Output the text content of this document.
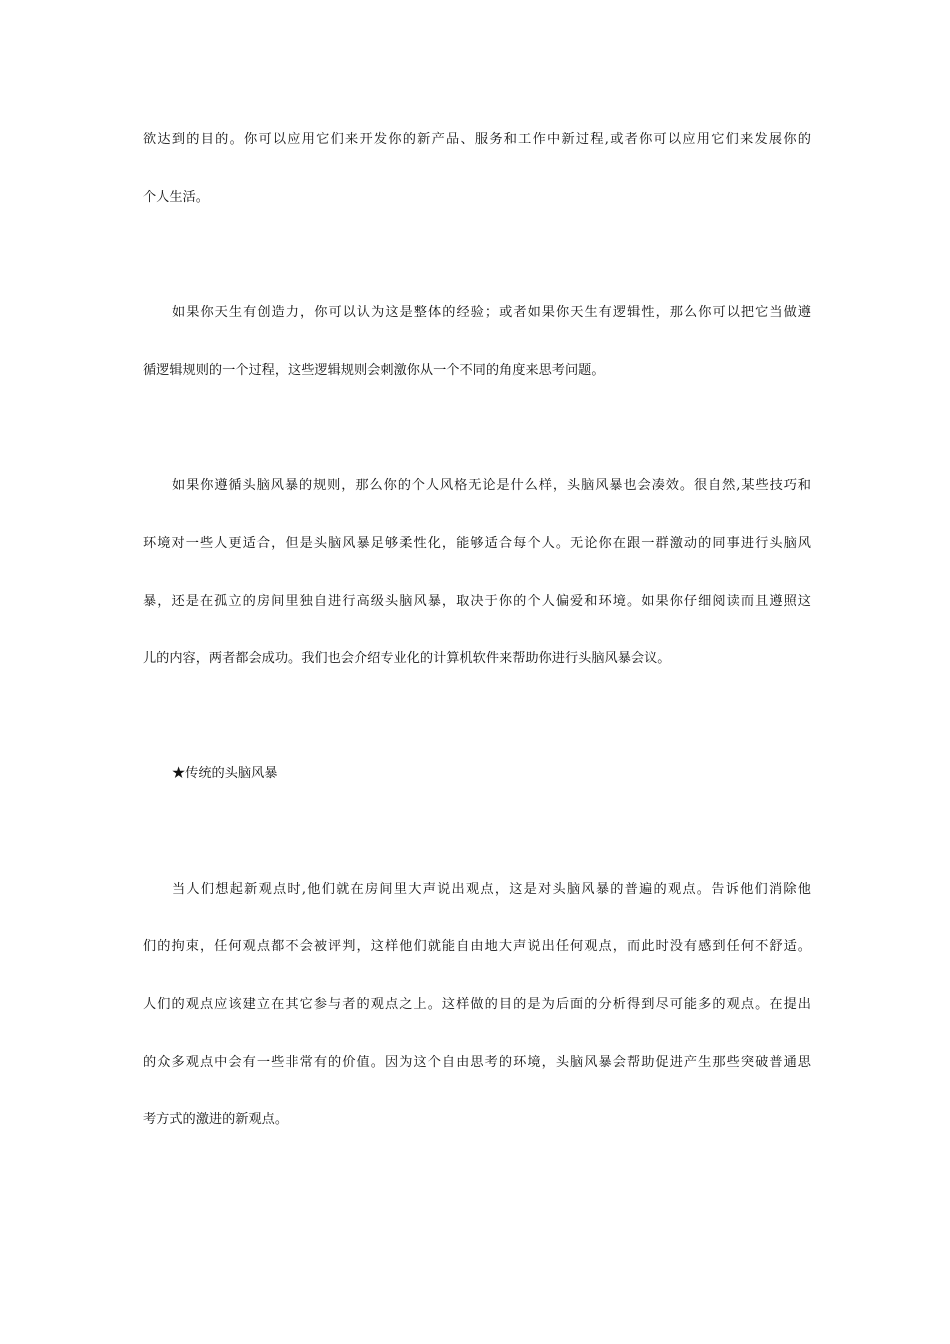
欲达到的目的。你可以应用它们来开发你的新产品、服务和工作中新过程,或者你可以应用它们来发展你的
个人生活。
如果你天生有创造力，你可以认为这是整体的经验；或者如果你天生有逻辑性，那么你可以把它当做遵
循逻辑规则的一个过程，这些逻辑规则会刺激你从一个不同的角度来思考问题。
如果你遵循头脑风暴的规则，那么你的个人风格无论是什么样，头脑风暴也会凑效。很自然,某些技巧和
环境对一些人更适合，但是头脑风暴足够柔性化，能够适合每个人。无论你在跟一群激动的同事进行头脑风
暴，还是在孤立的房间里独自进行高级头脑风暴，取决于你的个人偏爱和环境。如果你仔细阅读而且遵照这
儿的内容，两者都会成功。我们也会介绍专业化的计算机软件来帮助你进行头脑风暴会议。
★传统的头脑风暴
当人们想起新观点时,他们就在房间里大声说出观点，这是对头脑风暴的普遍的观点。告诉他们消除他
们的拘束，任何观点都不会被评判，这样他们就能自由地大声说出任何观点，而此时没有感到任何不舒适。
人们的观点应该建立在其它参与者的观点之上。这样做的目的是为后面的分析得到尽可能多的观点。在提出
的众多观点中会有一些非常有的价值。因为这个自由思考的环境，头脑风暴会帮助促进产生那些突破普通思
考方式的激进的新观点。
